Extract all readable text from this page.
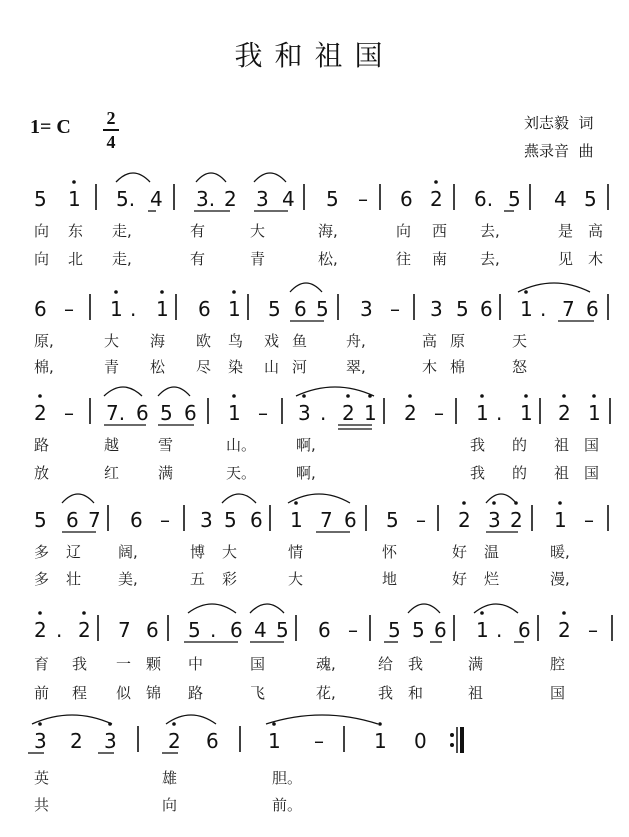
我和祖国
1= C 2
4
刘志毅  词
燕录音  曲
5 1 5. 4 3. 2 3 4 5 – 6 2 6. 5 4 5
向 东 走,	有	大	海,	向 西 去,	是 高
向 北 走,	有	青	松,	往 南 去,	见 木
6 – 1 . 1 6 1 5 6 5 3 – 3 5 6 1 . 7 6
原,	大 海 欧 鸟 戏 鱼	舟,	高 原	天
棉,	青 松 尽 染 山 河	翠,	木 棉	怒
2 – 7. 6 5 6 1 – 3 . 2 1 2 – 1 . 1 2 1
路	越	雪	山。	啊,	我 的 祖 国
放	红	满	天。	啊,	我 的 祖 国
5 6 7 6 – 3 5 6 1 7 6 5 – 2 3 2 1 –
多 辽 阔,	博 大	情	怀	好 温	暖,
多 壮 美,	五 彩	大	地	好 烂	漫,
2 . 2 7 6 5 . 6 4 5 6 – 5 5 6 1 . 6 2 –
育 我 一 颗 中	国	魂,	给 我	满	腔
前 程 似 锦 路	飞	花,	我 和	祖	国
3 2 3	2 6 1 –	1 0
英	雄	胆。
共	向	前。
